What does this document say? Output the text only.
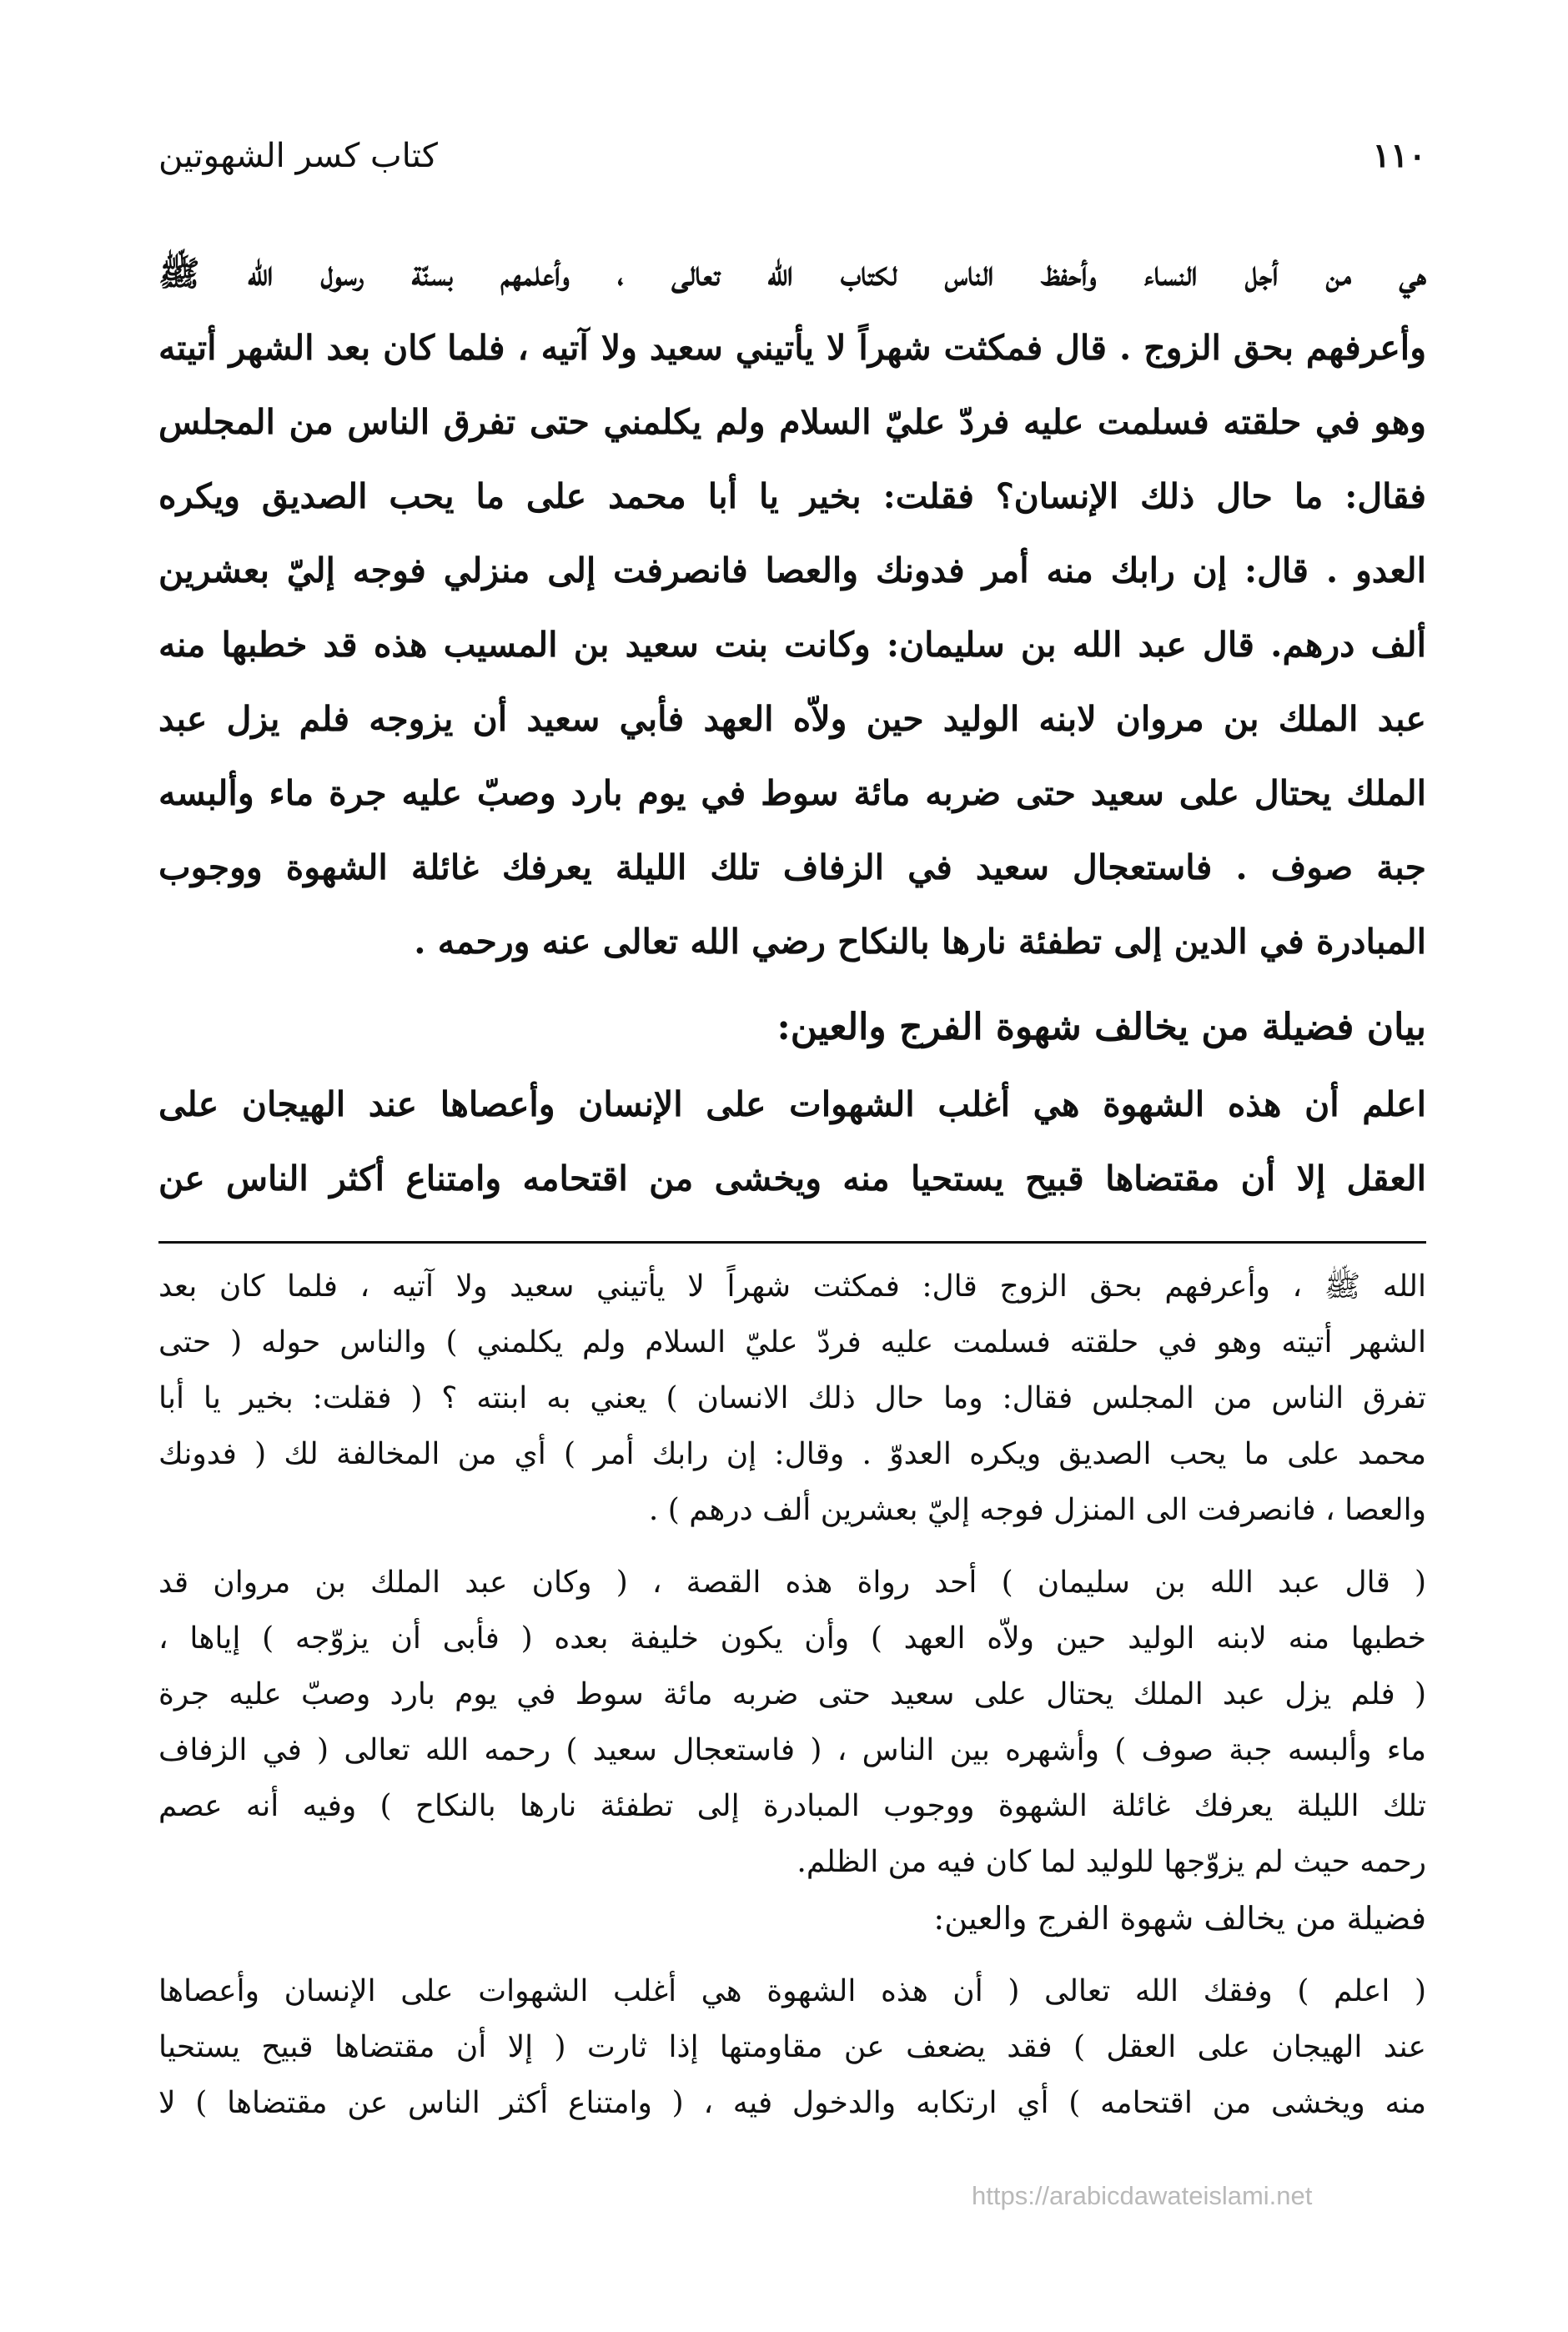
١١٠
كتاب كسر الشهوتين
هي من أجل النساء وأحفظ الناس لكتاب الله تعالى ، وأعلمهم بسنّة رسول الله ﷺ
وأعرفهم بحق الزوج . قال فمكثت شهراً لا يأتيني سعيد ولا آتيه ، فلما كان بعد الشهر أتيته
وهو في حلقته فسلمت عليه فردّ عليّ السلام ولم يكلمني حتى تفرق الناس من المجلس
فقال: ما حال ذلك الإنسان؟ فقلت: بخير يا أبا محمد على ما يحب الصديق ويكره
العدو . قال: إن رابك منه أمر فدونك والعصا فانصرفت إلى منزلي فوجه إليّ بعشرين
ألف درهم. قال عبد الله بن سليمان: وكانت بنت سعيد بن المسيب هذه قد خطبها منه
عبد الملك بن مروان لابنه الوليد حين ولاّه العهد فأبي سعيد أن يزوجه فلم يزل عبد
الملك يحتال على سعيد حتى ضربه مائة سوط في يوم بارد وصبّ عليه جرة ماء وألبسه
جبة صوف . فاستعجال سعيد في الزفاف تلك الليلة يعرفك غائلة الشهوة ووجوب
المبادرة في الدين إلى تطفئة نارها بالنكاح رضي الله تعالى عنه ورحمه .
بيان فضيلة من يخالف شهوة الفرج والعين:
اعلم أن هذه الشهوة هي أغلب الشهوات على الإنسان وأعصاها عند الهيجان على
العقل إلا أن مقتضاها قبيح يستحيا منه ويخشى من اقتحامه وامتناع أكثر الناس عن
الله ﷺ ، وأعرفهم بحق الزوج قال: فمكثت شهراً لا يأتيني سعيد ولا آتيه ، فلما كان بعد
الشهر أتيته وهو في حلقته فسلمت عليه فردّ عليّ السلام ولم يكلمني ) والناس حوله ( حتى
تفرق الناس من المجلس فقال: وما حال ذلك الانسان ) يعني به ابنته ؟ ( فقلت: بخير يا أبا
محمد على ما يحب الصديق ويكره العدوّ . وقال: إن رابك أمر ) أي من المخالفة لك ( فدونك
والعصا ، فانصرفت الى المنزل فوجه إليّ بعشرين ألف درهم ) .
( قال عبد الله بن سليمان ) أحد رواة هذه القصة ، ( وكان عبد الملك بن مروان قد
خطبها منه لابنه الوليد حين ولاّه العهد ) وأن يكون خليفة بعده ( فأبى أن يزوّجه ) إياها ،
( فلم يزل عبد الملك يحتال على سعيد حتى ضربه مائة سوط في يوم بارد وصبّ عليه جرة
ماء وألبسه جبة صوف ) وأشهره بين الناس ، ( فاستعجال سعيد ) رحمه الله تعالى ( في الزفاف
تلك الليلة يعرفك غائلة الشهوة ووجوب المبادرة إلى تطفئة نارها بالنكاح ) وفيه أنه عصم
رحمه حيث لم يزوّجها للوليد لما كان فيه من الظلم.
فضيلة من يخالف شهوة الفرج والعين:
( اعلم ) وفقك الله تعالى ( أن هذه الشهوة هي أغلب الشهوات على الإنسان وأعصاها
عند الهيجان على العقل ) فقد يضعف عن مقاومتها إذا ثارت ( إلا أن مقتضاها قبيح يستحيا
منه ويخشى من اقتحامه ) أي ارتكابه والدخول فيه ، ( وامتناع أكثر الناس عن مقتضاها ) لا
https://arabicdawateislami.net
